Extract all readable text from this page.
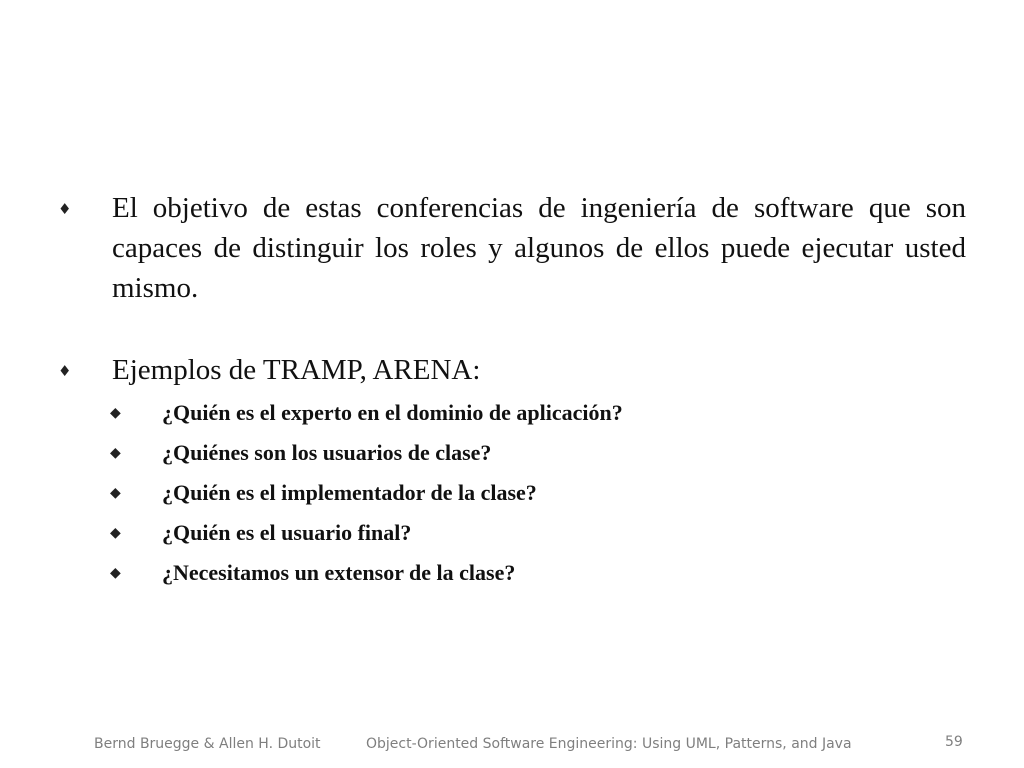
♦	El objetivo de estas conferencias de ingeniería de software que son capaces de distinguir los roles y algunos de ellos puede ejecutar usted mismo.
♦	Ejemplos de TRAMP, ARENA:
◆	¿Quién es el experto en el dominio de aplicación?
◆	¿Quiénes son los usuarios de clase?
◆	¿Quién es el implementador de la clase?
◆	¿Quién es el usuario final?
◆	¿Necesitamos un extensor de la clase?
Bernd Bruegge & Allen H. Dutoit	Object-Oriented Software Engineering: Using UML, Patterns, and Java	59
